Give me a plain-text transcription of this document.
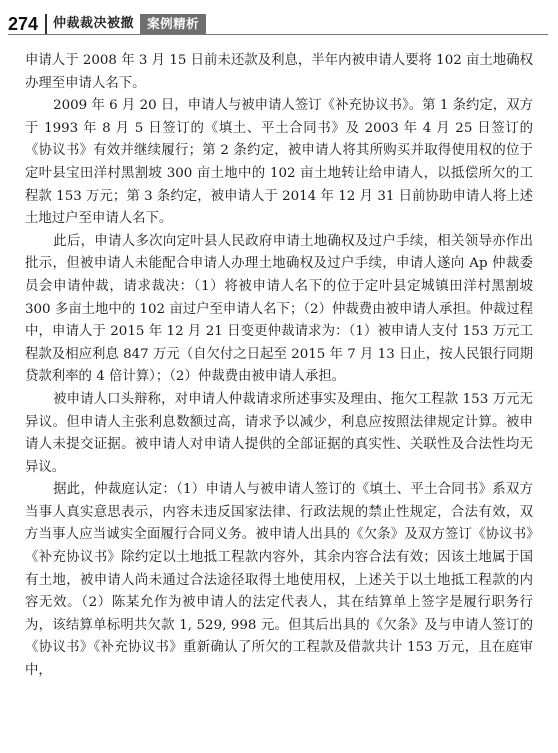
274	仲裁裁决被撤	案例精析

申请人于 2008 年 3 月 15 日前未还款及利息，半年内被申请人要将 102 亩土地确权办理至申请人名下。

2009 年 6 月 20 日，申请人与被申请人签订《补充协议书》。第 1 条约定，双方于 1993 年 8 月 5 日签订的《填土、平土合同书》及 2003 年 4 月 25 日签订的《协议书》有效并继续履行；第 2 条约定，被申请人将其所购买并取得使用权的位于定叶县宝田洋村黑割坡 300 亩土地中的 102 亩土地转让给申请人，以抵偿所欠的工程款 153 万元；第 3 条约定，被申请人于 2014 年 12 月 31 日前协助申请人将上述土地过户至申请人名下。

此后，申请人多次向定叶县人民政府申请土地确权及过户手续，相关领导亦作出批示，但被申请人未能配合申请人办理土地确权及过户手续，申请人遂向 Ap 仲裁委员会申请仲裁，请求裁决：（1）将被申请人名下的位于定叶县定城镇田洋村黑割坡 300 多亩土地中的 102 亩过户至申请人名下；（2）仲裁费由被申请人承担。仲裁过程中，申请人于 2015 年 12 月 21 日变更仲裁请求为：（1）被申请人支付 153 万元工程款及相应利息 847 万元（自欠付之日起至 2015 年 7 月 13 日止，按人民银行同期贷款利率的 4 倍计算）；（2）仲裁费由被申请人承担。

被申请人口头辩称，对申请人仲裁请求所述事实及理由、拖欠工程款 153 万元无异议。但申请人主张利息数额过高，请求予以减少，利息应按照法律规定计算。被申请人未提交证据。被申请人对申请人提供的全部证据的真实性、关联性及合法性均无异议。

据此，仲裁庭认定：（1）申请人与被申请人签订的《填土、平土合同书》系双方当事人真实意思表示，内容未违反国家法律、行政法规的禁止性规定，合法有效，双方当事人应当诚实全面履行合同义务。被申请人出具的《欠条》及双方签订《协议书》《补充协议书》除约定以土地抵工程款内容外，其余内容合法有效；因该土地属于国有土地，被申请人尚未通过合法途径取得土地使用权，上述关于以土地抵工程款的内容无效。（2）陈某允作为被申请人的法定代表人，其在结算单上签字是履行职务行为，该结算单标明共欠款 1, 529, 998 元。但其后出具的《欠条》及与申请人签订的《协议书》《补充协议书》重新确认了所欠的工程款及借款共计 153 万元，且在庭审中，
